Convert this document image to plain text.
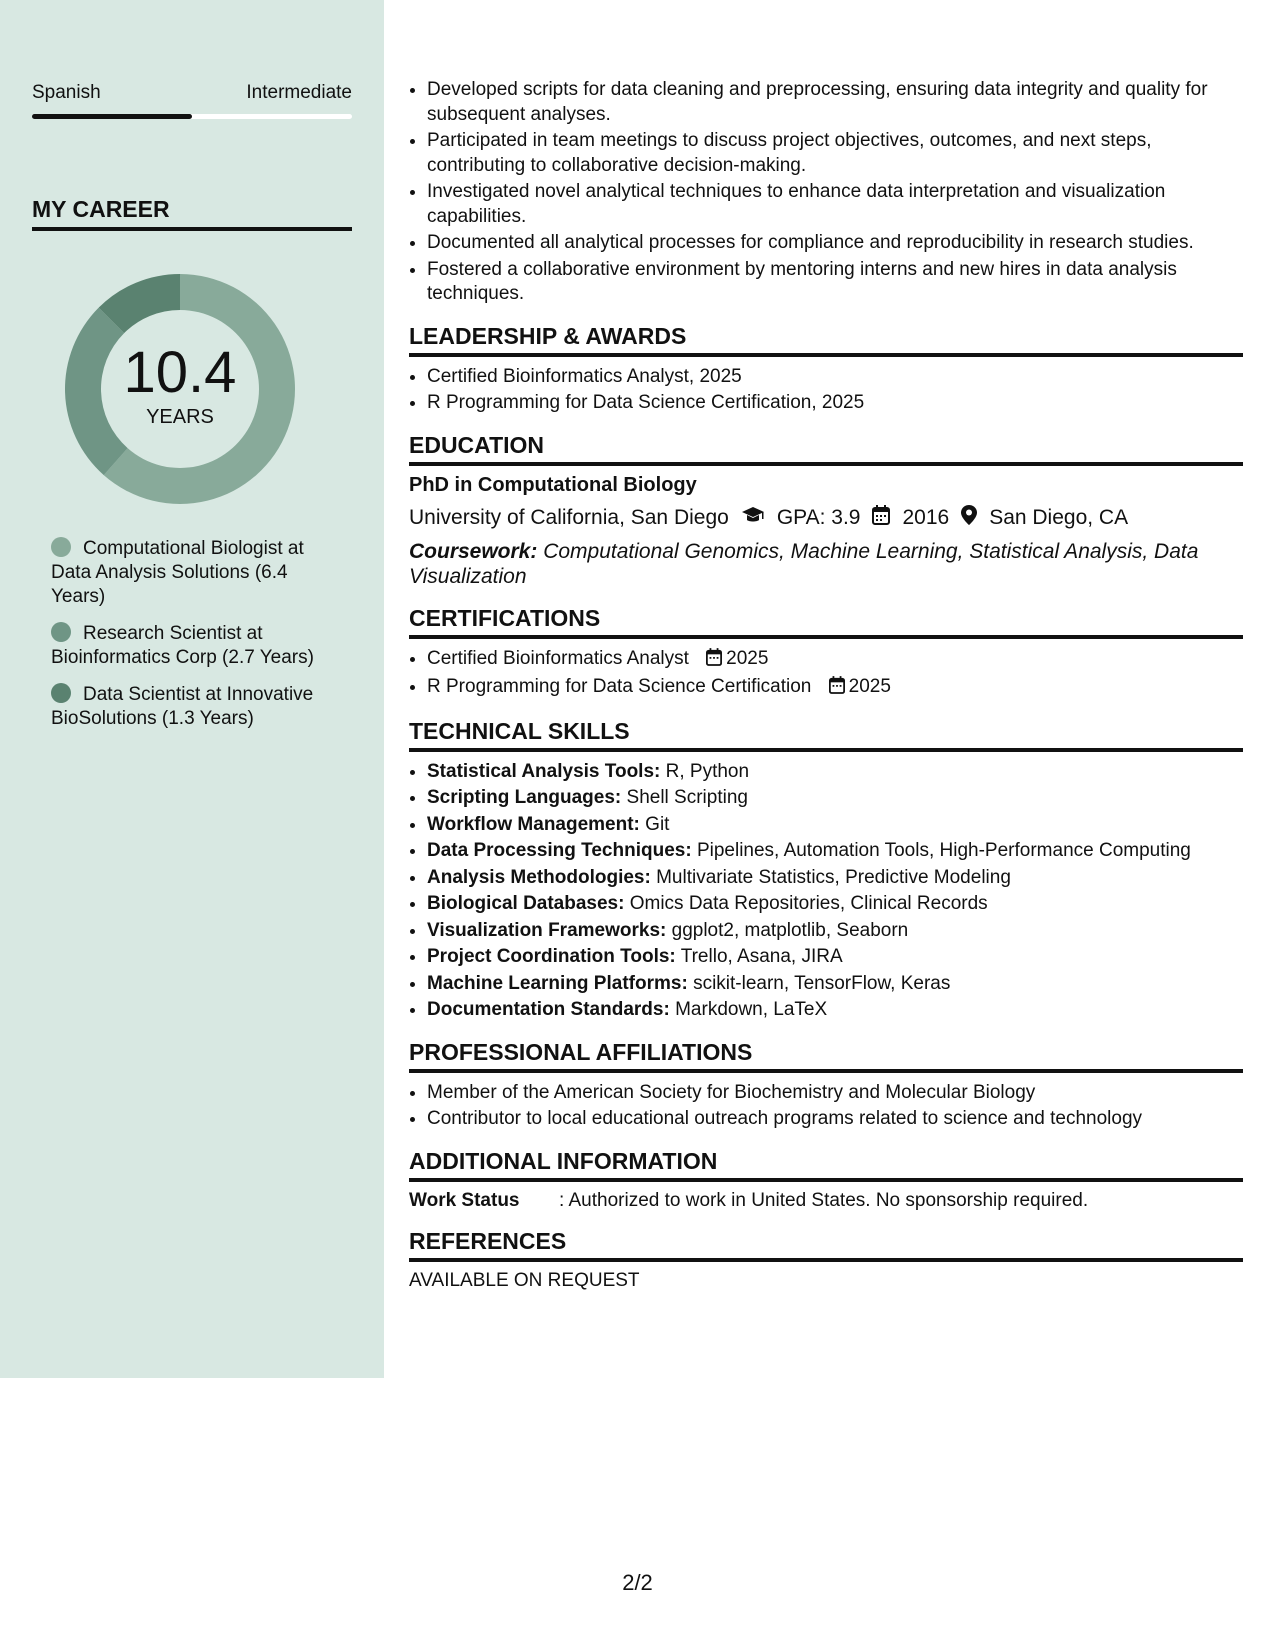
Spanish	Intermediate
MY CAREER
10.4
YEARS
Computational Biologist at Data Analysis Solutions (6.4 Years)
Research Scientist at Bioinformatics Corp (2.7 Years)
Data Scientist at Innovative BioSolutions (1.3 Years)
• Developed scripts for data cleaning and preprocessing, ensuring data integrity and quality for subsequent analyses.
• Participated in team meetings to discuss project objectives, outcomes, and next steps, contributing to collaborative decision-making.
• Investigated novel analytical techniques to enhance data interpretation and visualization capabilities.
• Documented all analytical processes for compliance and reproducibility in research studies.
• Fostered a collaborative environment by mentoring interns and new hires in data analysis techniques.
LEADERSHIP & AWARDS
• Certified Bioinformatics Analyst, 2025
• R Programming for Data Science Certification, 2025
EDUCATION
PhD in Computational Biology
University of California, San Diego GPA: 3.9 2016 San Diego, CA
Coursework: Computational Genomics, Machine Learning, Statistical Analysis, Data Visualization
CERTIFICATIONS
• Certified Bioinformatics Analyst 2025
• R Programming for Data Science Certification 2025
TECHNICAL SKILLS
• Statistical Analysis Tools: R, Python
• Scripting Languages: Shell Scripting
• Workflow Management: Git
• Data Processing Techniques: Pipelines, Automation Tools, High-Performance Computing
• Analysis Methodologies: Multivariate Statistics, Predictive Modeling
• Biological Databases: Omics Data Repositories, Clinical Records
• Visualization Frameworks: ggplot2, matplotlib, Seaborn
• Project Coordination Tools: Trello, Asana, JIRA
• Machine Learning Platforms: scikit-learn, TensorFlow, Keras
• Documentation Standards: Markdown, LaTeX
PROFESSIONAL AFFILIATIONS
• Member of the American Society for Biochemistry and Molecular Biology
• Contributor to local educational outreach programs related to science and technology
ADDITIONAL INFORMATION
Work Status	: Authorized to work in United States. No sponsorship required.
REFERENCES
AVAILABLE ON REQUEST
2/2
